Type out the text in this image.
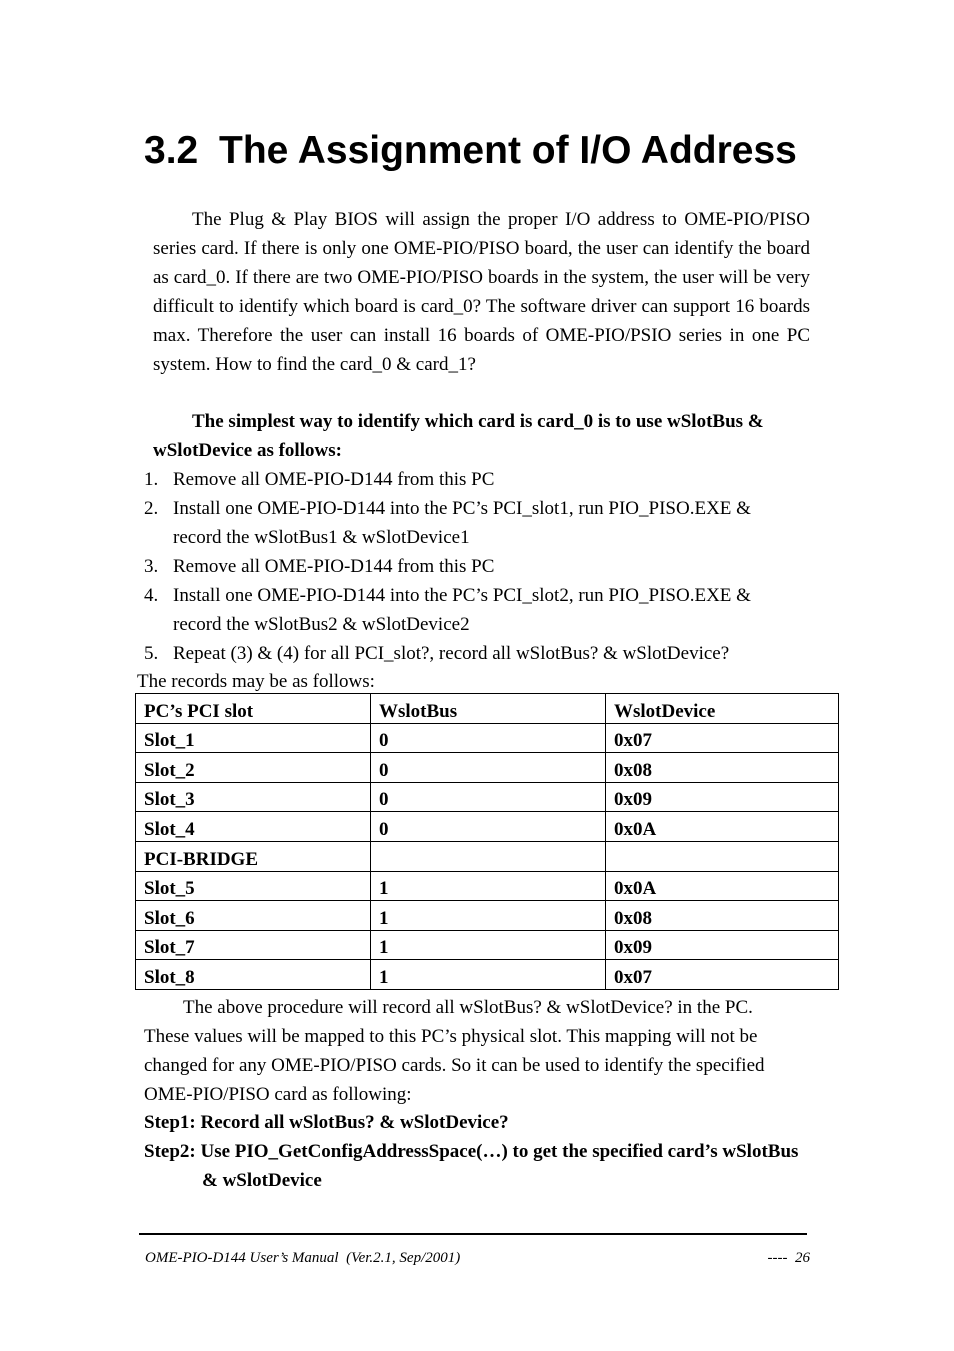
3.2 The Assignment of I/O Address

The Plug & Play BIOS will assign the proper I/O address to OME-PIO/PISO series card. If there is only one OME-PIO/PISO board, the user can identify the board as card_0. If there are two OME-PIO/PISO boards in the system, the user will be very difficult to identify which board is card_0? The software driver can support 16 boards max. Therefore the user can install 16 boards of OME-PIO/PSIO series in one PC system. How to find the card_0 & card_1?

The simplest way to identify which card is card_0 is to use wSlotBus & wSlotDevice as follows:

1. Remove all OME-PIO-D144 from this PC
2. Install one OME-PIO-D144 into the PC’s PCI_slot1, run PIO_PISO.EXE & record the wSlotBus1 & wSlotDevice1
3. Remove all OME-PIO-D144 from this PC
4. Install one OME-PIO-D144 into the PC’s PCI_slot2, run PIO_PISO.EXE & record the wSlotBus2 & wSlotDevice2
5. Repeat (3) & (4) for all PCI_slot?, record all wSlotBus? & wSlotDevice?

The records may be as follows:

PC’s PCI slot	WslotBus	WslotDevice
Slot_1	0	0x07
Slot_2	0	0x08
Slot_3	0	0x09
Slot_4	0	0x0A
PCI-BRIDGE		
Slot_5	1	0x0A
Slot_6	1	0x08
Slot_7	1	0x09
Slot_8	1	0x07
The above procedure will record all wSlotBus? & wSlotDevice? in the PC.
These values will be mapped to this PC’s physical slot. This mapping will not be
changed for any OME-PIO/PISO cards. So it can be used to identify the specified
OME-PIO/PISO card as following:

Step1: Record all wSlotBus? & wSlotDevice?

Step2: Use PIO_GetConfigAddressSpace(…) to get the specified card’s wSlotBus
& wSlotDevice

OME-PIO-D144 User’s Manual  (Ver.2.1, Sep/2001)	----  26
